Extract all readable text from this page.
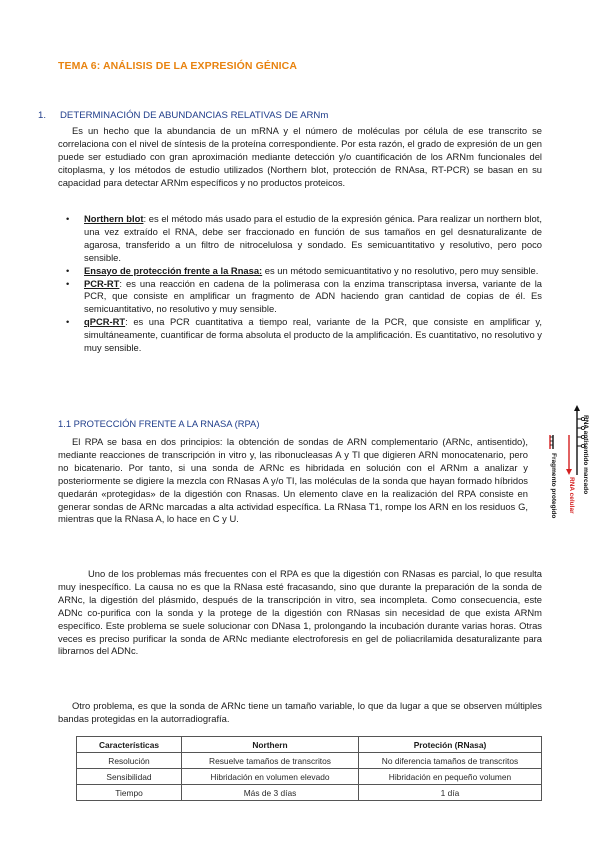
TEMA 6: ANÁLISIS DE LA EXPRESIÓN GÉNICA
1. DETERMINACIÓN DE ABUNDANCIAS RELATIVAS DE ARNm
Es un hecho que la abundancia de un mRNA y el número de moléculas por célula de ese transcrito se correlaciona con el nivel de síntesis de la proteína correspondiente. Por esta razón, el grado de expresión de un gen puede ser estudiado con gran aproximación mediante detección y/o cuantificación de los ARNm funcionales del citoplasma, y los métodos de estudio utilizados (Northern blot, protección de RNAsa, RT-PCR) se basan en su capacidad para detectar ARNm específicos y no productos proteicos.
• Northern blot: es el método más usado para el estudio de la expresión génica. Para realizar un northern blot, una vez extraído el RNA, debe ser fraccionado en función de sus tamaños en gel desnaturalizante de agarosa, transferido a un filtro de nitrocelulosa y sondado. Es semicuantitativo y resolutivo, pero poco sensible.
• Ensayo de protección frente a la Rnasa: es un método semicuantitativo y no resolutivo, pero muy sensible.
• PCR-RT: es una reacción en cadena de la polimerasa con la enzima transcriptasa inversa, variante de la PCR, que consiste en amplificar un fragmento de ADN haciendo gran cantidad de copias de él. Es semicuantitativo, no resolutivo y muy sensible.
• qPCR-RT: es una PCR cuantitativa a tiempo real, variante de la PCR, que consiste en amplificar y, simultáneamente, cuantificar de forma absoluta el producto de la amplificación. Es cuantitativo, no resolutivo y muy sensible.
1.1 PROTECCIÓN FRENTE A LA RNASA (RPA)
El RPA se basa en dos principios: la obtención de sondas de ARN complementario (ARNc, antisentido), mediante reacciones de transcripción in vitro y, las ribonucleasas A y TI que digieren ARN monocatenario, pero no bicatenario. Por tanto, si una sonda de ARNc es hibridada en solución con el ARNm a analizar y posteriormente se digiere la mezcla con RNasas A y/o TI, las moléculas de la sonda que hayan formado híbridos quedarán «protegidas» de la digestión con Rnasas. Un elemento clave en la realización del RPA consiste en generar sondas de ARNc marcadas a alta actividad específica. La RNasa T1, rompe los ARN en los residuos G, mientras que la RNasa A, lo hace en C y U.
Uno de los problemas más frecuentes con el RPA es que la digestión con RNasas es parcial, lo que resulta muy inespecífico. La causa no es que la RNasa esté fracasando, sino que durante la preparación de la sonda de ARNc, la digestión del plásmido, después de la transcripción in vitro, sea incompleta. Como consecuencia, este ADNc co-purifica con la sonda y la protege de la digestión con RNasas sin necesidad de que exista ARNm específico. Este problema se suele solucionar con DNasa 1, prolongando la incubación durante varias horas. Otras veces es preciso purificar la sonda de ARNc mediante electroforesis en gel de poliacrilamida desaturalizante para librarnos del ADNc.
Otro problema, es que la sonda de ARNc tiene un tamaño variable, lo que da lugar a que se observen múltiples bandas protegidas en la autorradiografía.
RNA antisentido marcado
RNA celular
Fragmento protegido
Características	Northern	Proteción (RNasa)
Resolución	Resuelve tamaños de transcritos	No diferencia tamaños de transcritos
Sensibilidad	Hibridación en volumen elevado	Hibridación en pequeño volumen
Tiempo	Más de 3 días	1 día
